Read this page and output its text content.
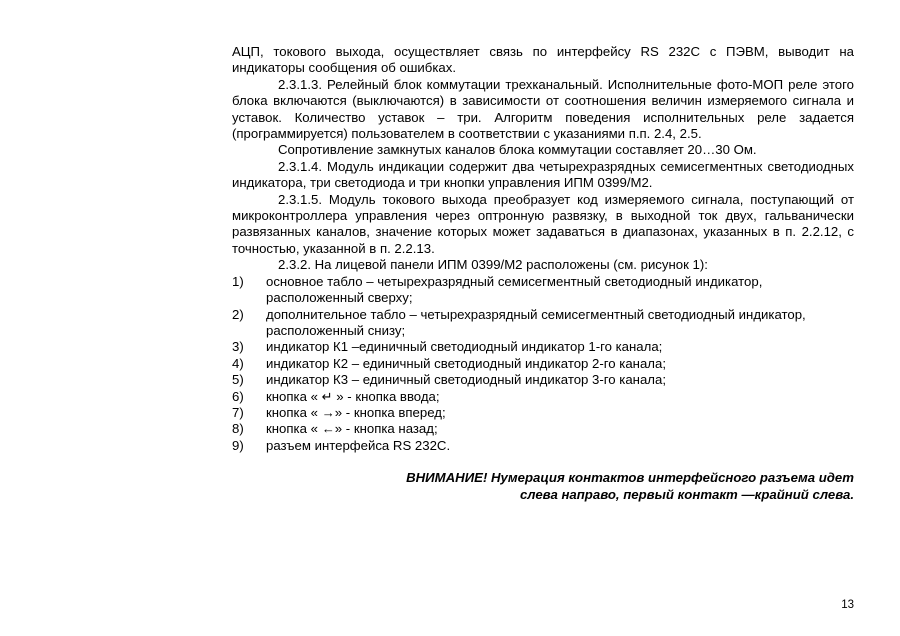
АЦП, токового выхода, осуществляет связь по интерфейсу RS 232С с ПЭВМ, выводит на индикаторы сообщения об ошибках.

2.3.1.3. Релейный блок коммутации трехканальный. Исполнительные фото-МОП реле этого блока включаются (выключаются) в зависимости от соотношения величин измеряемого сигнала и уставок. Количество уставок – три. Алгоритм поведения исполнительных реле задается (программируется) пользователем в соответствии с указаниями п.п. 2.4, 2.5.

Сопротивление замкнутых каналов блока коммутации составляет 20…30 Ом.

2.3.1.4. Модуль индикации содержит два четырехразрядных семисегментных светодиодных индикатора, три светодиода и три кнопки управления ИПМ 0399/М2.

2.3.1.5. Модуль токового выхода преобразует код измеряемого сигнала, поступающий от микроконтроллера управления через оптронную развязку, в выходной ток двух, гальванически развязанных каналов, значение которых может задаваться в диапазонах, указанных в п. 2.2.12, с точностью, указанной в п. 2.2.13.

2.3.2. На лицевой панели ИПМ 0399/М2 расположены (см. рисунок 1):

1)	основное табло – четырехразрядный семисегментный светодиодный индикатор, расположенный сверху;
2)	дополнительное табло – четырехразрядный семисегментный светодиодный индикатор, расположенный снизу;
3)	индикатор К1 –единичный светодиодный индикатор 1-го канала;
4)	индикатор К2 – единичный светодиодный индикатор 2-го канала;
5)	индикатор К3 – единичный светодиодный индикатор 3-го канала;
6)	кнопка « ↵ » - кнопка ввода;
7)	кнопка « →» - кнопка вперед;
8)	кнопка « ←» - кнопка назад;
9)	разъем интерфейса RS 232С.

ВНИМАНИЕ! Нумерация контактов интерфейсного разъема идет слева направо, первый контакт —крайний слева.

13
